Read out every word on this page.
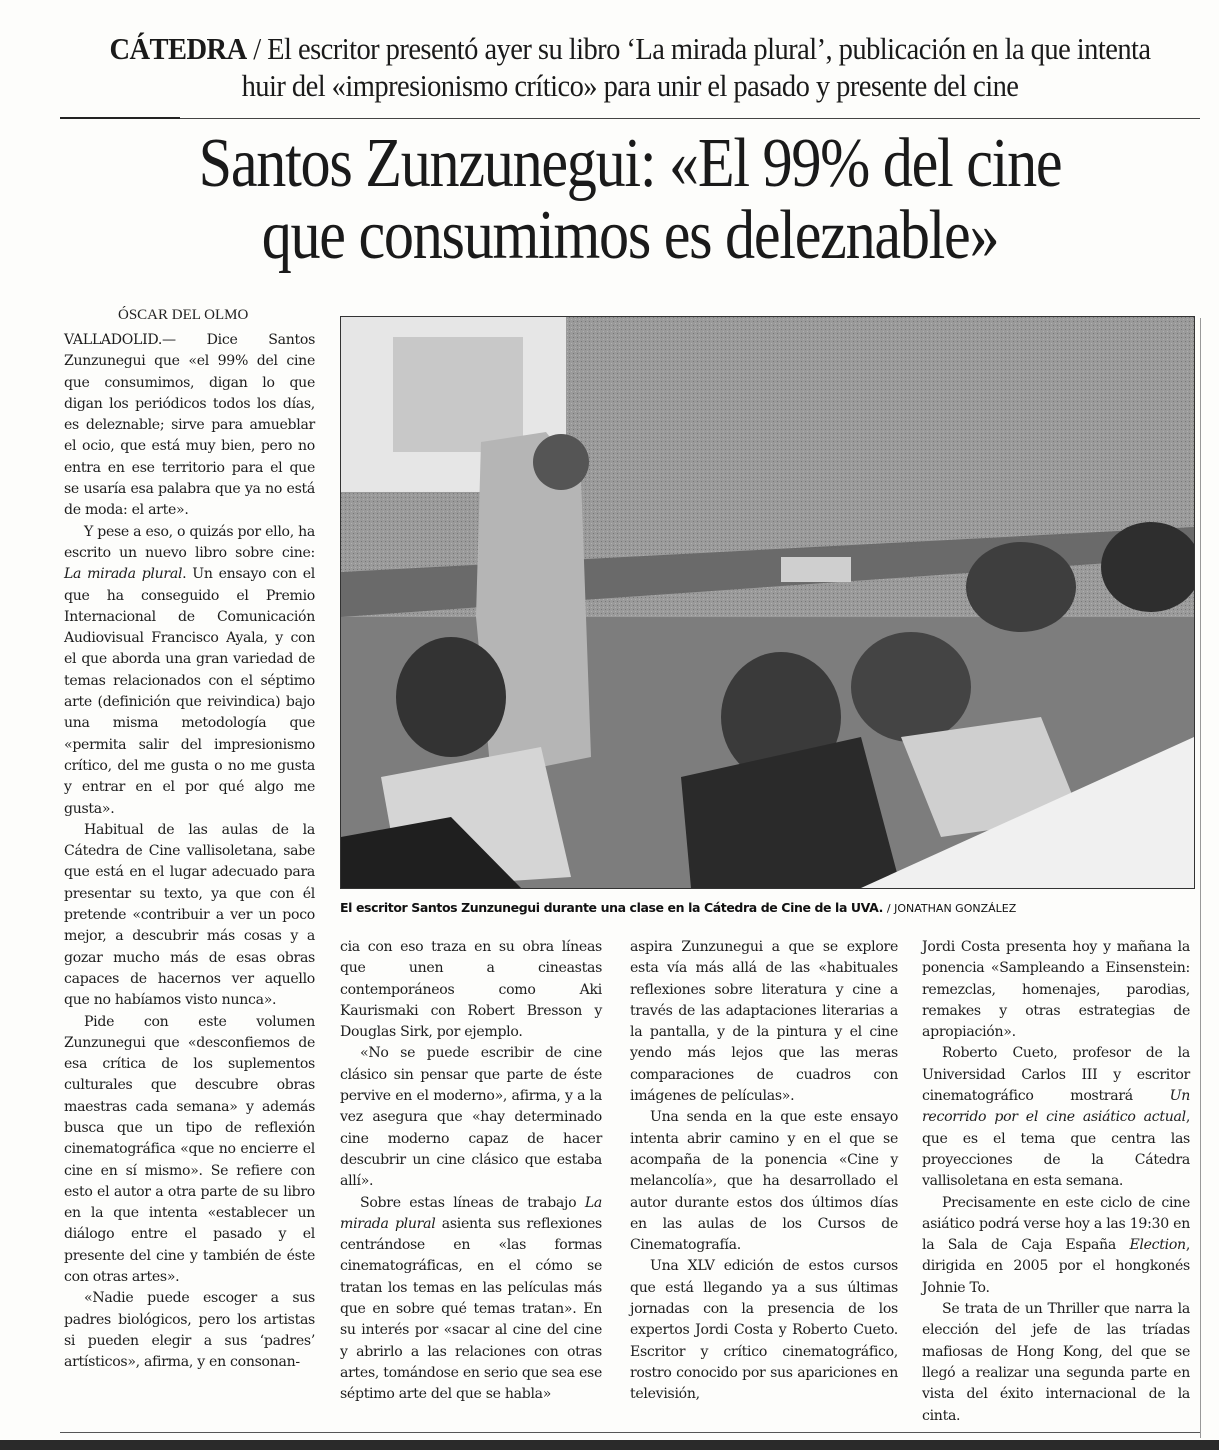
CÁTEDRA / El escritor presentó ayer su libro ‘La mirada plural’, publicación en la que intenta huir del «impresionismo crítico» para unir el pasado y presente del cine
Santos Zunzunegui: «El 99% del cine
que consumimos es deleznable»
ÓSCAR DEL OLMO

VALLADOLID.— Dice Santos Zunzunegui que «el 99% del cine que consumimos, digan lo que digan los periódicos todos los días, es deleznable; sirve para amueblar el ocio, que está muy bien, pero no entra en ese territorio para el que se usaría esa palabra que ya no está de moda: el arte».

Y pese a eso, o quizás por ello, ha escrito un nuevo libro sobre cine: La mirada plural. Un ensayo con el que ha conseguido el Premio Internacional de Comunicación Audiovisual Francisco Ayala, y con el que aborda una gran variedad de temas relacionados con el séptimo arte (definición que reivindica) bajo una misma metodología que «permita salir del impresionismo crítico, del me gusta o no me gusta y entrar en el por qué algo me gusta».

Habitual de las aulas de la Cátedra de Cine vallisoletana, sabe que está en el lugar adecuado para presentar su texto, ya que con él pretende «contribuir a ver un poco mejor, a descubrir más cosas y a gozar mucho más de esas obras capaces de hacernos ver aquello que no habíamos visto nunca».

Pide con este volumen Zunzunegui que «desconfiemos de esa crítica de los suplementos culturales que descubre obras maestras cada semana» y además busca que un tipo de reflexión cinematográfica «que no encierre el cine en sí mismo». Se refiere con esto el autor a otra parte de su libro en la que intenta «establecer un diálogo entre el pasado y el presente del cine y también de éste con otras artes».

«Nadie puede escoger a sus padres biológicos, pero los artistas si pueden elegir a sus ‘padres’ artísticos», afirma, y en consonan-

El escritor Santos Zunzunegui durante una clase en la Cátedra de Cine de la UVA. / JONATHAN GONZÁLEZ

cia con eso traza en su obra líneas que unen a cineastas contemporáneos como Aki Kaurismaki con Robert Bresson y Douglas Sirk, por ejemplo.

«No se puede escribir de cine clásico sin pensar que parte de éste pervive en el moderno», afirma, y a la vez asegura que «hay determinado cine moderno capaz de hacer descubrir un cine clásico que estaba allí».

Sobre estas líneas de trabajo La mirada plural asienta sus reflexiones centrándose en «las formas cinematográficas, en el cómo se tratan los temas en las películas más que en sobre qué temas tratan». En su interés por «sacar al cine del cine y abrirlo a las relaciones con otras artes, tomándose en serio que sea ese séptimo arte del que se habla»

aspira Zunzunegui a que se explore esta vía más allá de las «habituales reflexiones sobre literatura y cine a través de las adaptaciones literarias a la pantalla, y de la pintura y el cine yendo más lejos que las meras comparaciones de cuadros con imágenes de películas».

Una senda en la que este ensayo intenta abrir camino y en el que se acompaña de la ponencia «Cine y melancolía», que ha desarrollado el autor durante estos dos últimos días en las aulas de los Cursos de Cinematografía.

Una XLV edición de estos cursos que está llegando ya a sus últimas jornadas con la presencia de los expertos Jordi Costa y Roberto Cueto. Escritor y crítico cinematográfico, rostro conocido por sus apariciones en televisión,

Jordi Costa presenta hoy y mañana la ponencia «Sampleando a Einsenstein: remezclas, homenajes, parodias, remakes y otras estrategias de apropiación».

Roberto Cueto, profesor de la Universidad Carlos III y escritor cinematográfico mostrará Un recorrido por el cine asiático actual, que es el tema que centra las proyecciones de la Cátedra vallisoletana en esta semana.

Precisamente en este ciclo de cine asiático podrá verse hoy a las 19:30 en la Sala de Caja España Election, dirigida en 2005 por el hongkonés Johnie To.

Se trata de un Thriller que narra la elección del jefe de las tríadas mafiosas de Hong Kong, del que se llegó a realizar una segunda parte en vista del éxito internacional de la cinta.
